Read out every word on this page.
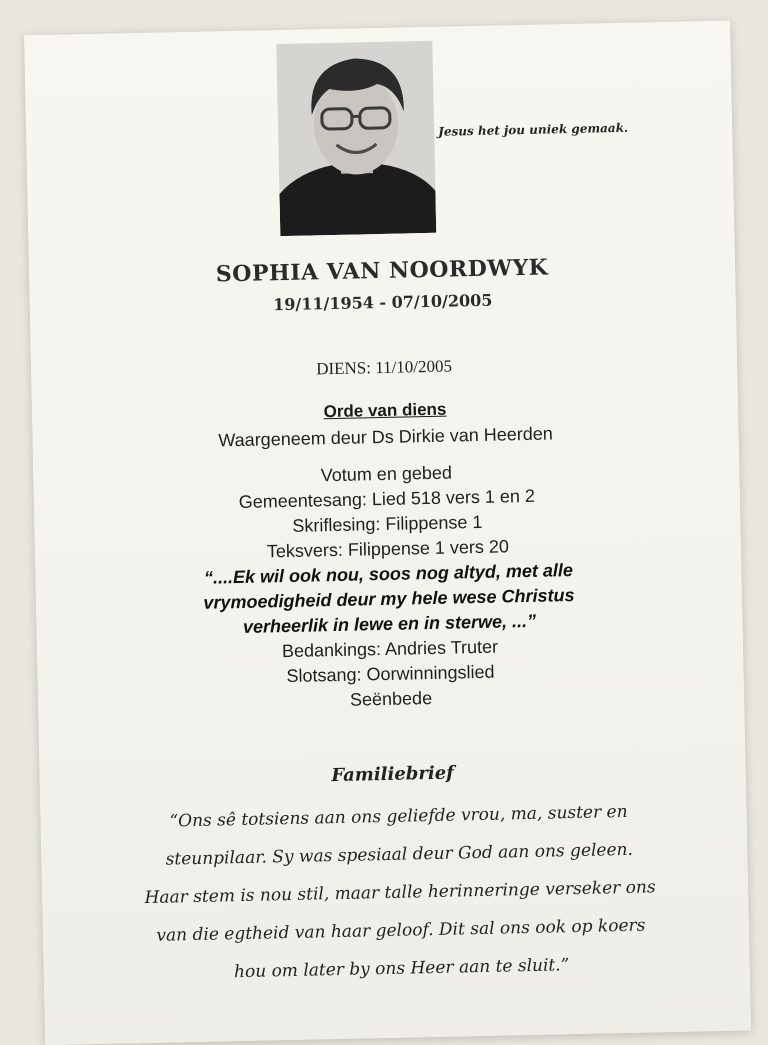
Jesus het jou uniek gemaak.
SOPHIA VAN NOORDWYK
19/11/1954 - 07/10/2005
DIENS: 11/10/2005
Orde van diens
Waargeneem deur Ds Dirkie van Heerden
Votum en gebed
Gemeentesang: Lied 518 vers 1 en 2
Skriflesing: Filippense 1
Teksvers: Filippense 1 vers 20
“....Ek wil ook nou, soos nog altyd, met alle
vrymoedigheid deur my hele wese Christus
verheerlik in lewe en in sterwe, ...”
Bedankings: Andries Truter
Slotsang: Oorwinningslied
Seënbede
Familiebrief
“Ons sê totsiens aan ons geliefde vrou, ma, suster en
steunpilaar. Sy was spesiaal deur God aan ons geleen.
Haar stem is nou stil, maar talle herinneringe verseker ons
van die egtheid van haar geloof. Dit sal ons ook op koers
hou om later by ons Heer aan te sluit.”
